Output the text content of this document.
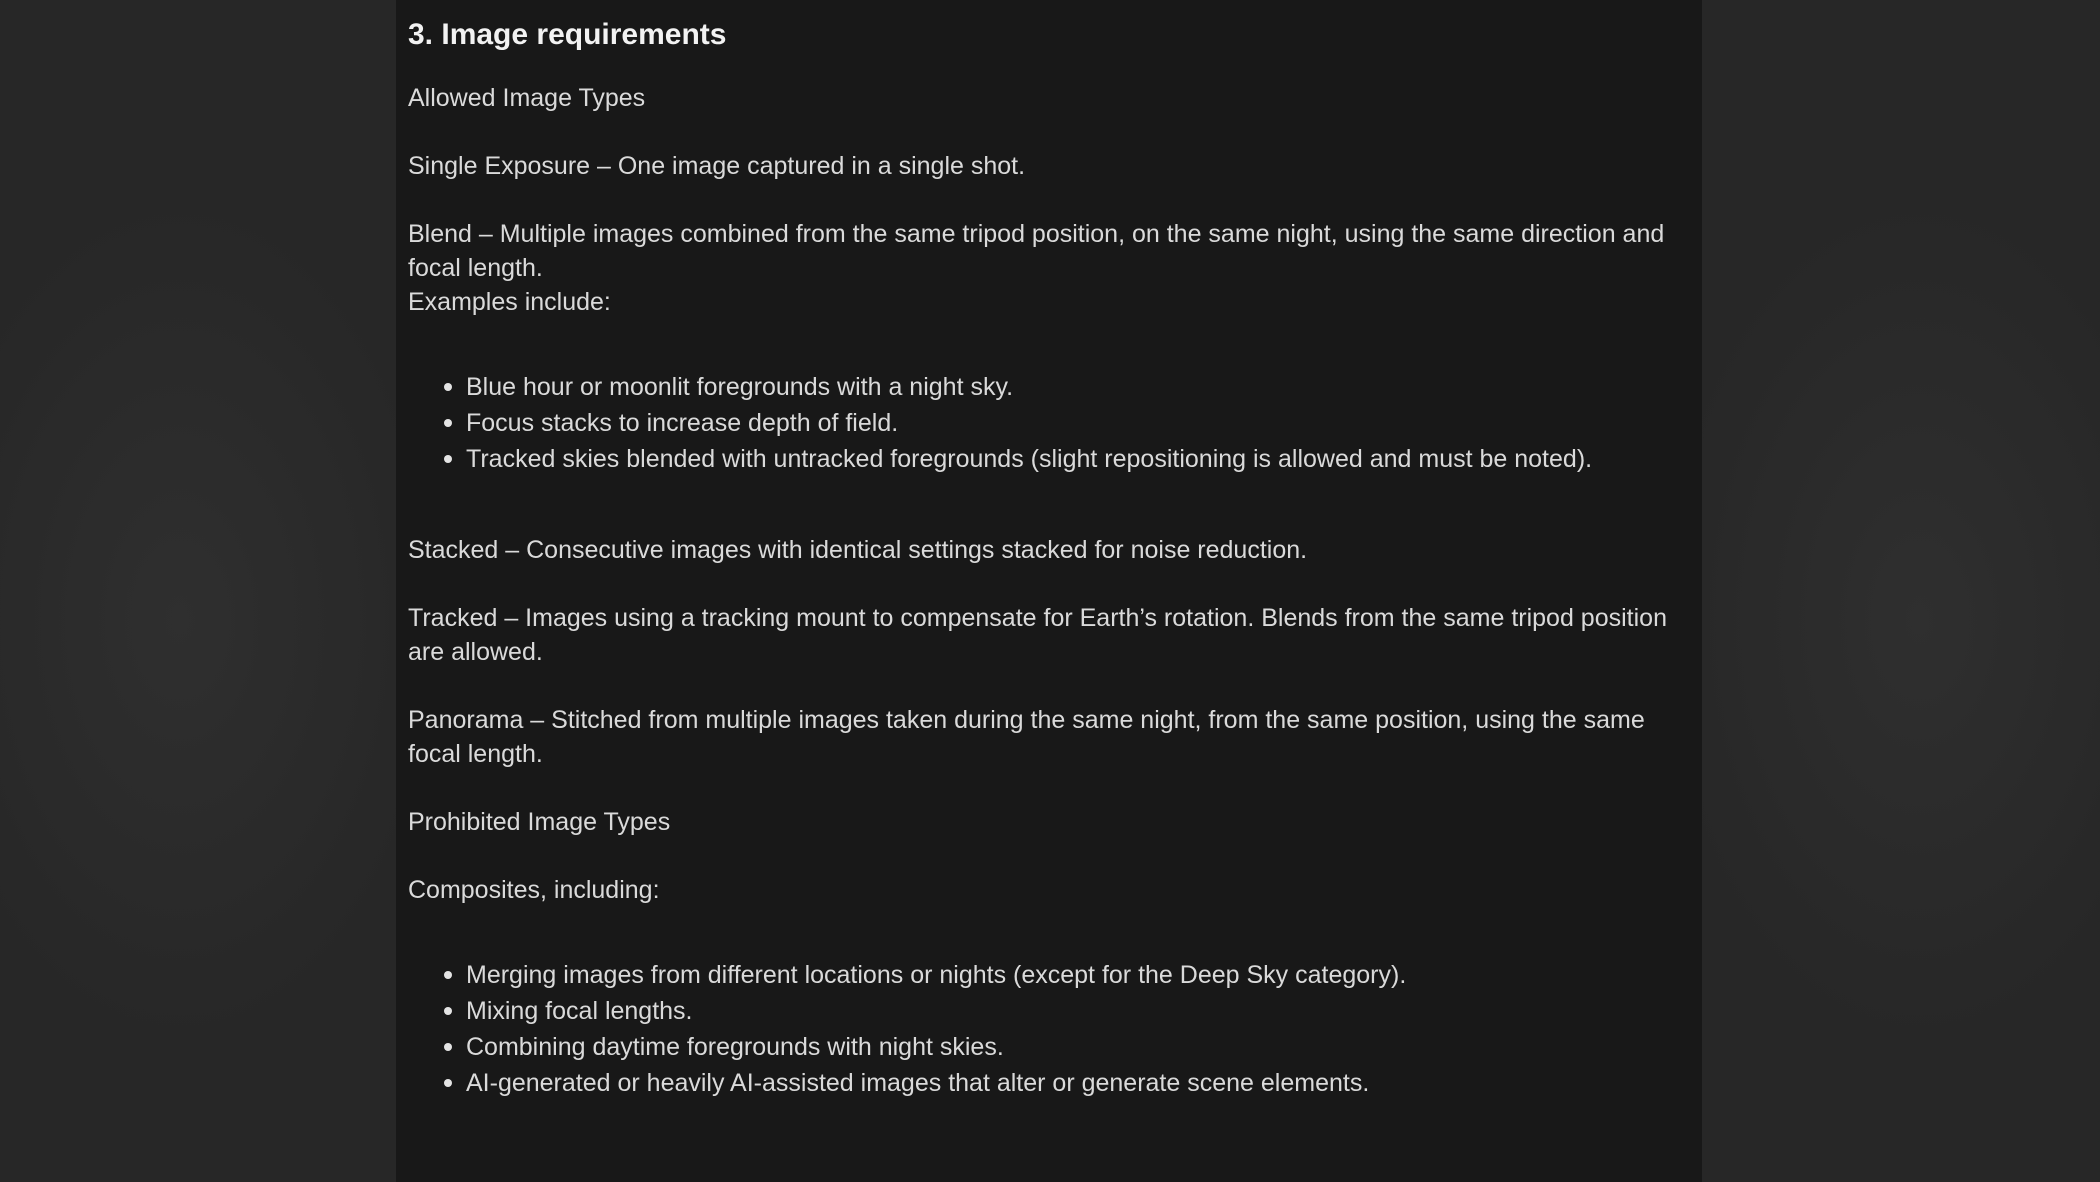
3. Image requirements

Allowed Image Types

Single Exposure – One image captured in a single shot.

Blend – Multiple images combined from the same tripod position, on the same night, using the same direction and focal length.

Examples include:

Blue hour or moonlit foregrounds with a night sky.
Focus stacks to increase depth of field.
Tracked skies blended with untracked foregrounds (slight repositioning is allowed and must be noted).

Stacked – Consecutive images with identical settings stacked for noise reduction.

Tracked – Images using a tracking mount to compensate for Earth’s rotation. Blends from the same tripod position are allowed.

Panorama – Stitched from multiple images taken during the same night, from the same position, using the same focal length.

Prohibited Image Types

Composites, including:

Merging images from different locations or nights (except for the Deep Sky category).
Mixing focal lengths.
Combining daytime foregrounds with night skies.
AI-generated or heavily AI-assisted images that alter or generate scene elements.
